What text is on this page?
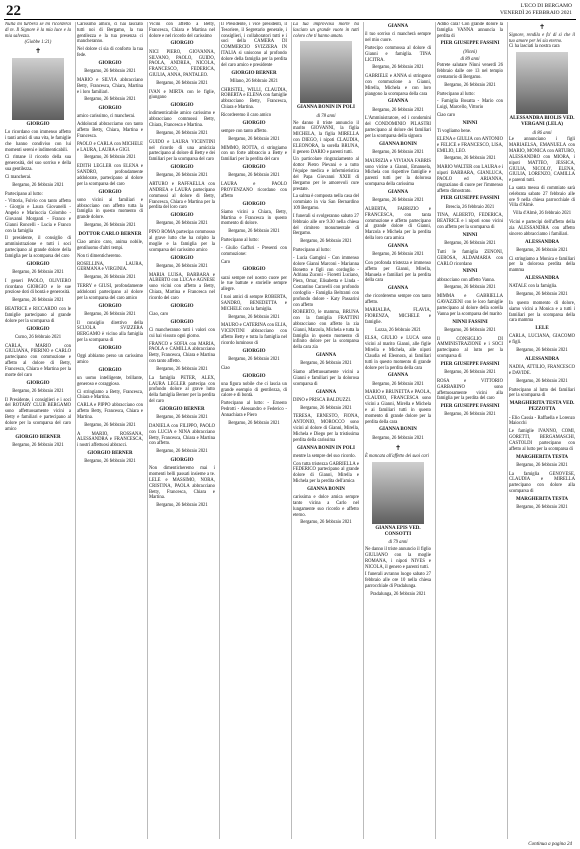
22	L'ECO DI BERGAMO
VENERDÌ 26 FEBBRAIO 2021
Nulla mi turberà se mi ricorderai di te. Il Signore è la mia luce e la mia salvezza.
(Giobbe 1:21)
✝
GIORGIO

Lo ricordano con immenso affetto i tanti amici di una vita, le famiglie che hanno condiviso con lui momenti sereni e indimenticabili.

Ci rimane il ricordo della sua generosità, del suo sorriso e della sua gentilezza.

Ci mancherai.

Bergamo, 26 febbraio 2021

Partecipano al lutto:

- Vittoria, Fulvio con tanto affetto - Giorgio e Laura Giovanelli - Angelo e Mariuccia Colombo - Giovanni Morganti - Franco e Gianni Roncelli - Lucia e Franco con la famiglia

Il presidente, il consiglio di amministrazione e tutti i soci partecipano al grande dolore della famiglia per la scomparsa del caro

GIORGIO
Bergamo, 26 febbraio 2021

I generi PAOLO, OLIVIERO ricordano GIORGIO e le sue preziose doti di bontà e generosità.

Bergamo, 26 febbraio 2021

BEATRICE e RICCARDO con le famiglie partecipano al grande dolore per la scomparsa di

GIORGIO
Curno, 26 febbraio 2021

CARLA, MARIO con GIULIANA, PIERINO e CARLO partecipano con commozione e affetto al dolore di Betty, Francesca, Chiara e Martina per la morte del caro

GIORGIO
Bergamo, 26 febbraio 2021

Il Presidente, i consiglieri e i soci del ROTARY CLUB BERGAMO sono affettuosamente vicini a Betty e familiari e partecipano al dolore per la scomparsa del caro amico

GIORGIO BERNER
Bergamo, 26 febbraio 2021

Carissimo amico, ci hai lasciato tutti noi di Bergamo, la tua gentilezza e la tua presenza ci mancheranno.

Nel dolore ci sia di conforto la tua fede.

GIORGIO
Bergamo, 26 febbraio 2021

MARIO e SILVIA abbracciano Betty, Francesca, Chiara, Martina e i loro familiari.

Bergamo, 26 febbraio 2021
GIORGIO

amico carissimo, ci mancherai.

Addolorati abbracciamo con tanto affetto Betty, Chiara, Martina e Francesca.

PAOLO e CARLA con MICHELE e LAURA, LAURA e GIGI.

Bergamo, 26 febbraio 2021

EDITH LEGLER con ELENA e SANDRO, profondamente addolorate, partecipano al dolore per la scomparsa del caro

GIORGIO

sono vicini ai familiari e abbracciano con affetto tutta la famiglia in questo momento di grande dolore.

Bergamo, 26 febbraio 2021
DOTTOR CARLO BERNER

Ciao amico caro, anima nobile, gentiluomo d'altri tempi.

Non ti dimenticheremo.

ROSELLINA, LAURA, GERMANA e VIRGINIA.

Bergamo, 26 febbraio 2021

TERRY e GIUSI, profondamente addolorati partecipano al dolore per la scomparsa del caro amico

GIORGIO
Bergamo, 26 febbraio 2021

Il consiglio direttivo della SCUOLA SVIZZERA BERGAMO è vicino alla famiglia per la scomparsa di

GIORGIO

Oggi abbiamo perso un carissimo amico

GIORGIO

un uomo intelligente, brillante, generoso e coraggioso.

Ci stringiamo a Betty, Francesca, Chiara e Martina.

CARLA e PIPPO abbracciano con affetto Betty, Francesca, Chiara e Martina.

Bergamo, 26 febbraio 2021

A MARIO, ROSSANA, ALESSANDRA e FRANCESCA, i nostri affettuosi abbracci.

GIORGIO BERNER
Bergamo, 26 febbraio 2021

Vicini con affetto a Betty, Francesca, Chiara e Martina nel dolore e nel ricordo del carissimo

GIORGIO

NICI PIERO, GIOVANNA, SILVANO, PAOLO, GUIDO, PAOLA, ANDREA, NICOLA, FRANCESCO, FEDERICA, GIULIA, ANNA, PANTALEO.

Bergamo, 26 febbraio 2021

IVAN e MIRTA con le figlie, giungano

GIORGIO

indimenticabile amico carissimo e abbracciano commossi Betty, Chiara, Francesca e Martina.

Bergamo, 26 febbraio 2021

GUIDO e LAURA VICENTINI nel ricordo di una amicizia partecipano al dolore di Betty e dei familiari per la scomparsa del caro

GIORGIO
Bergamo, 26 febbraio 2021

ARTURO e RAFFAELLA con ANDREA e LAURA partecipano commossi al dolore di Betty, Francesca, Chiara e Martina per la perdita del loro caro

GIORGIO
Bergamo, 26 febbraio 2021

PINO ROMA partecipa commosso al grave lutto che ha colpito la moglie e la famiglia per la scomparsa del carissimo amico

GIORGIO
Bergamo, 26 febbraio 2021

MARIA LUISA, BARBARA e ALBERTO con LUCA e AGNESE sono vicini con affetto a Betty, Chiara, Martina e Francesca nel ricordo del caro

GIORGIO

Ciao, caro

GIORGIO

Ci mancheranno tutti i valori con cui hai vissuto ogni giorno.

FRANCO e SOFIA con MARIA, PAOLA e CAMILLA abbracciano Betty, Francesca, Chiara e Martina con tanto affetto.

Bergamo, 26 febbraio 2021

La famiglia PETER, ALEX, LAURA LEGLER partecipa con profondo dolore al grave lutto della famiglia Berner per la perdita del caro

GIORGIO BERNER
Bergamo, 26 febbraio 2021

DANIELA con FILIPPO, PAOLO con LUCIA e NINA abbracciano Betty, Francesca, Chiara e Martina con affetto.

Bergamo, 26 febbraio 2021
GIORGIO

Non dimenticheremo mai i momenti belli passati insieme a te. LELE e MASSIMO, NORA, CRISTINA, PAOLA abbracciano Betty, Francesca, Chiara e Martina.

Bergamo, 26 febbraio 2021

Il Presidente, i vice presidenti, il Tesoriere, il Segretario generale, i consiglieri, i collaboratori tutti e i soci della CAMERA DI COMMERCIO SVIZZERA IN ITALIA si uniscono al profondo dolore della famiglia per la perdita del caro amico e presidente

GIORGIO BERNER
Milano, 26 febbraio 2021

CHRISTEL, WILLI, CLAUDIA, ROBERTA e ELENA con famiglie abbracciano Betty, Francesca, Chiara e Martina.

Ricorderemo il caro amico

GIORGIO

sempre con tanto affetto.

Bergamo, 26 febbraio 2021

MIMMO, ROTTA, ci stringiamo con un forte abbraccio a Betty e familiari per la perdita del caro

GIORGIO
Bergamo, 26 febbraio 2021

LAURA e PAOLO PROVENZANO ricordano con affetto

GIORGIO

Siamo vicini a Chiara, Betty, Martina e Francesca in questo momento di dolore.

Bergamo, 26 febbraio 2021

Partecipano al lutto:

- Giulio Gaffuri - Presenti con commozione:

Caro

GIORGIO

sarai sempre nel nostro cuore per le tue battute e storielle sempre allegre.

I tuoi amici di sempre ROBERTA, SANDRO, BENEDETTA e MICHELE con la famiglia.

Bergamo, 26 febbraio 2021

MAURO e CATERINA con ELIA, VICENTINI abbracciano con affetto Betty e tutta la famiglia nel ricordo luminoso di

GIORGIO
Bergamo, 26 febbraio 2021

Ciao

GIORGIO

una figura nobile che ci lascia un grande esempio di gentilezza, di calore e di bontà.

Partecipano al lutto: - Ernesto Pedrotti - Alessandro e Federico - Annachiara e Piero

Bergamo, 26 febbraio 2021
La tua improvvisa morte ha lasciato un grande vuoto in tutti coloro che ti hanno amato.
GIANNA BONIN IN POLI
di 78 anni

Ne danno il triste annuncio il marito GIOVANNI, la figlia MICHELA, la figlia MIRELLA con DIEGO, i nipoti CLAUDIA, ELEONORA, la sorella BRUNA, il genero DARIO e parenti tutti.

Un particolare ringraziamento al dottor Pietro Pievani e a tutto l'équipe medica e infermieristica del Papa Giovanni XXIII di Bergamo per le amorevoli cure prestate.

La salma è composta nella casa del commiato in via San Bernardino 109 Bergamo.

I funerali si svolgeranno sabato 27 febbraio alle ore 9.30 nella chiesa del cimitero monumentale di Bergamo.

Bergamo, 26 febbraio 2021

Partecipano al lutto:

- Lucia Gamgini - Con immenso dolore Gianni Marconi - Marianna Bonetto e figli con cordoglio - Adriana Zuconi - Fioretti Luciano, Piera, Omar, Elisabetta e Linda - Costantino Caravelli con profondo cordoglio - Famiglia Beltrami con profondo dolore - Katy Passarini con affetto

ROBERTO, le mamma, BRUNA con la famiglia FRATTINI abbracciano con affetto la zia Gianni, Marzola, Michela e tutta la famiglia in questo momento di infinito dolore per la scomparsa della cara zia

GIANNA
Bergamo, 26 febbraio 2021

Siamo affettuosamente vicini a Gianni e familiari per la dolorosa scomparsa di

GIANNA

DINO e PRISCA BALDUZZI.

Bergamo, 26 febbraio 2021

TERESA, ERNESTO, FIONA, ANTONIO, MOROCCO sono vicini al dolore di Gianni, Mirella, Michela e Diego per la tristissima perdita della carissima

GIANNA BONIN IN POLI

mentre la sempre del suo ricordo.

Con tutta tristezza GABRIELLA e FEDERICO partecipano al grande dolore di Gianni, Mirella e Michela per la perdita dell'amica

GIANNA BONIN

carissima e dolce amica sempre tanto vicina a Carlo nel lungamente suo ricordo e affetto eterno.

Bergamo, 26 febbraio 2021
GIANNA

il tuo sorriso ci mancherà sempre nel mio cuore.

Partecipo commossa al dolore di Gianni e famiglia. TINA LICITRA.

Bergamo, 26 febbraio 2021

GABRIELE e ANNA si stringono con commozione a Gianni, Mirella, Michela e con loro piangono la scomparsa della cara

GIANNA
Bergamo, 26 febbraio 2021

L'Amministratore, ed i condomini del CONDOMINIO PILASTRI partecipano al dolore dei familiari per la scomparsa della signora

GIANNA BONIN
Bergamo, 26 febbraio 2021

MAURIZIA e VIVIANA FABRIS sono vicine a Gianni, Emanuela, Michela con rispettive famiglie e parenti tutti per la dolorosa scomparsa della carissima

GIANNA
Bergamo, 26 febbraio 2021

ALBERTA, FABRIZIO e FRANCESCA, con tanta commozione e affetto partecipano al grande dolore di Gianni, Marzola e Michela per la perdita della loro cara amica

GIANNA
Bergamo, 26 febbraio 2021

Con profonda tristezza e immenso affetto per Gianni, Mirella, Manuela e familiari per la perdita della cara

GIANNA

che ricorderemo sempre con tanto affetto.

MARIALBA, FLAVIA, FIORENZA, MICHELE e famiglie.

Lozza, 26 febbraio 2021

ELSA, GIULIO e LUCA sono vicini al marito Gianni, alle figlie Mirella e Michela, alle nipoti Claudia ed Eleonora, ai familiari tutti in questo momento di grande dolore per la perdita della cara

GIANNA
Bergamo, 26 febbraio 2021

MARIO e BRUNETTA e PAOLA, CLAUDIO, FRANCESCA sono vicini a Gianni, Mirella e Michela e ai familiari tutti in questo momento di grande dolore per la perdita della cara

GIANNA BONIN
Bergamo, 26 febbraio 2021
✝
È mancata all'affetto dei suoi cari
GIANNA EPIS VED. CONSOTTI
di 79 anni

Ne danno il triste annuncio il figlio GIULIANO con la moglie ROMANA, i nipoti NIVES e NICOLA, il genero e parenti tutti.

I funerali avranno luogo sabato 27 febbraio alle ore 10 nella chiesa parrocchiale di Pradalunga.

Pradalunga, 26 febbraio 2021

Addio cara! Con grande dolore la famiglia VANNA annuncia la perdita di

PIER GIUSEPPE FASSINI
(Ninni)
di 89 anni

Potrete salutare Ninni venerdì 26 febbraio dalle ore 13 nel tempio crematorio di Bergamo.

Bergamo, 26 febbraio 2021

Partecipano al lutto:

- Famiglia Bosatta - Mario con Luigi, Marcello, Vittorio

Ciao caro

NINNI

Ti vogliamo bene.

ELENA e GIULIA con ANTONIO e FELICE e FRANCESCO, LISA, EMILIO, LEO.

Bergamo, 26 febbraio 2021

MARIO WALTER con LAURA e i nipoti BARBARA, GIANLUCA, PAOLO ed ARIANNA, ringraziano di cuore per l'immenso affetto dimostrato.

PIER GIUSEPPE FASSINI
Brescia, 26 febbraio 2021

TINA, ALBERTO, FEDERICA, BEATRICE e i nipoti sono vicini con affetto per la scomparsa di

NINNI
Bergamo, 26 febbraio 2021

Tutti le famiglia ZENONI, GEROSA, ALDAMARIA con CARLO ricordano

NINNI

abbracciano con affetto Vanna.

Bergamo, 26 febbraio 2021

MIMMA e GABRIELLA GAVAZZENI con le loro famiglie partecipano al dolore della sorella Vanna per la scomparsa del marito

NINNI FASSINI
Bergamo, 26 febbraio 2021

Il CONSIGLIO DI AMMINISTRAZIONE e i SOCI partecipano al lutto per la scomparsa di

PIER GIUSEPPE FASSINI
Bergamo, 26 febbraio 2021

ROSA e VITTORIO GARBARINO sono affettuosamente vicini alla famiglia per la perdita del caro

PIER GIUSEPPE FASSINI
Bergamo, 26 febbraio 2021
✝
Signore, rendila e fa' di sì che il tuo amore per lei sia eterno.

Ci ha lasciati la nostra cara

ALESSANDRA BIOLIS VED. VERGANI (LELA)
di 86 anni

Le annunciano i figli MARIAELSA, EMANUELA con MARIO, MONICA con ARTURO, ALESSANDRO con MIORA, i nipoti MATTEO, JESSICA, GIULIA, NICOLO', ELENA, GIULIA, LORENZO, CAMILLA e parenti tutti.

La santa messa di commiato sarà celebrata sabato 27 febbraio alle ore 9 nella chiesa parrocchiale di Villa d'Almè.

Villa d'Almè, 26 febbraio 2021

Vicini e partecipi dell'affetto della zia ALESSANDRA con affetto sincero abbracciamo i familiari.

ALESSANDRA
Bergamo, 26 febbraio 2021

Ci stringiamo a Monica e familiari per la dolorosa perdita della mamma

ALESSANDRA

NATALE con la famiglia.

Bergamo, 26 febbraio 2021

In questo momento di dolore, siamo vicini a Monica e a tutti i familiari per la scomparsa della cara mamma

LELE

CARLA, LUCIANA, GIACOMO e figli.

Bergamo, 26 febbraio 2021
ALESSANDRA

NADIA, ATTILIO, FRANCESCO e DAVIDE.

Bergamo, 26 febbraio 2021

Partecipano al lutto dei familiari per la scomparsa di

MARGHERITA TESTA VED. PEZZOTTA

- Elio Cassia - Raffaella e Lorenzo Maiocchi

Le famiglie IVANNO, COMI, GORETTI, BERGAMASCHI, CASTOLDI partecipano con affetto al lutto per la scomparsa di

MARGHERITA TESTA
Bergamo, 26 febbraio 2021

La famiglia GENOVESE, CLAUDIA e MIRELLA partecipano con dolore alla scomparsa di

MARGHERITA TESTA
Bergamo, 26 febbraio 2021
Continua a pagina 24
